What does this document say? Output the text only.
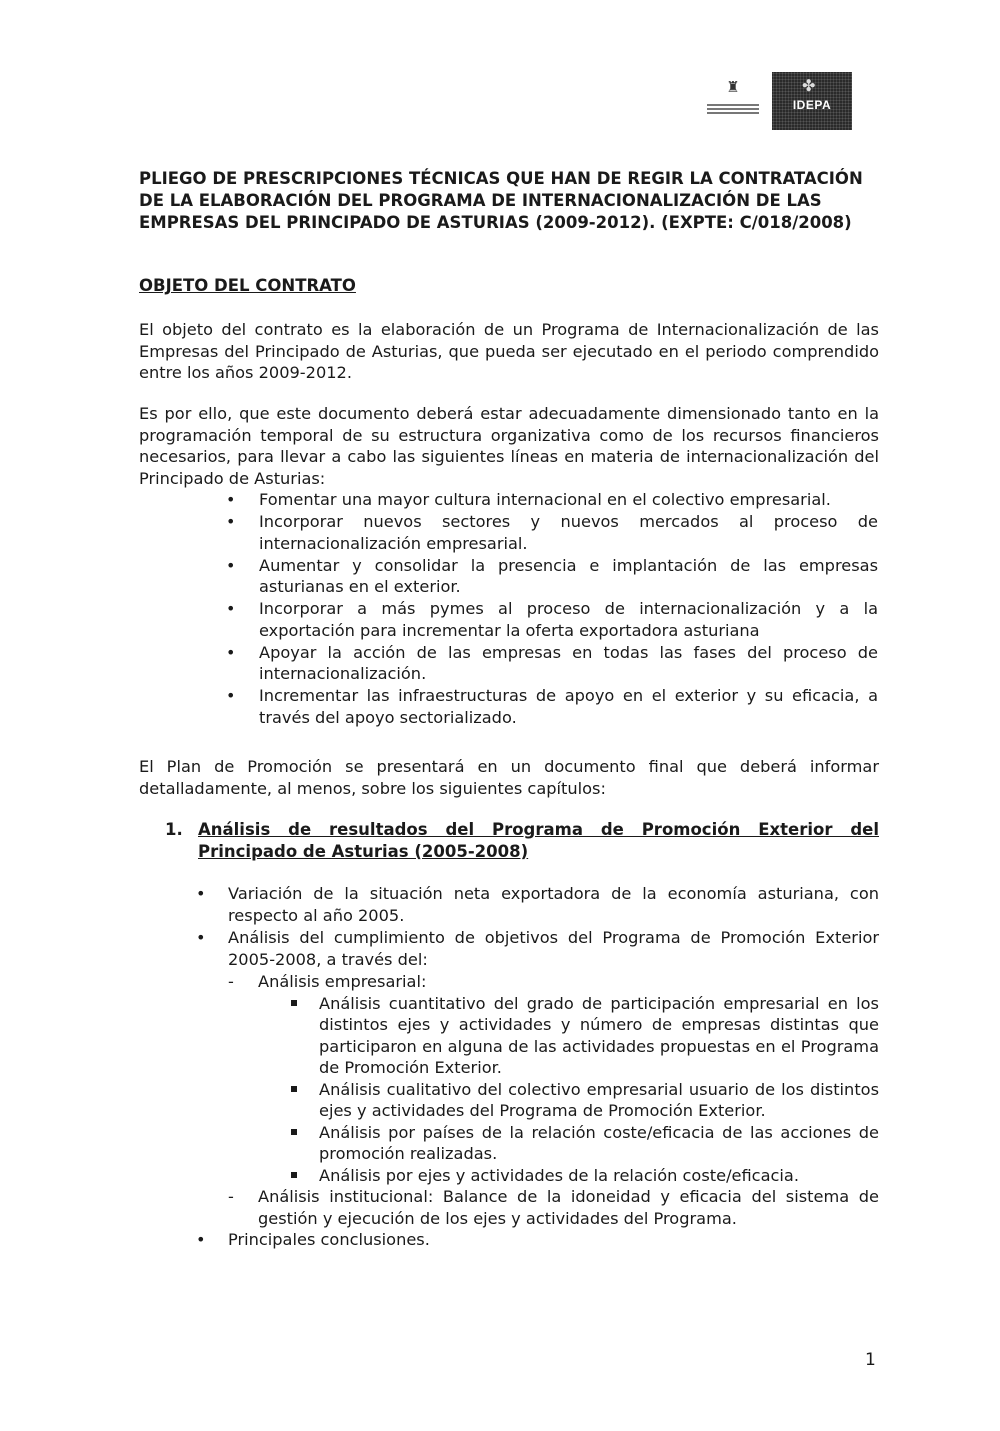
♜	✤
IDEPA
PLIEGO DE PRESCRIPCIONES TÉCNICAS QUE HAN DE REGIR LA CONTRATACIÓN DE LA ELABORACIÓN DEL PROGRAMA DE INTERNACIONALIZACIÓN DE LAS EMPRESAS DEL PRINCIPADO DE ASTURIAS (2009-2012). (EXPTE: C/018/2008)
OBJETO DEL CONTRATO

El objeto del contrato es la elaboración de un Programa de Internacionalización de las Empresas del Principado de Asturias, que pueda ser ejecutado en el periodo comprendido entre los años 2009-2012.

Es por ello, que este documento deberá estar adecuadamente dimensionado tanto en la programación temporal de su estructura organizativa como de los recursos financieros necesarios, para llevar a cabo las siguientes líneas en materia de internacionalización del Principado de Asturias:

• Fomentar una mayor cultura internacional en el colectivo empresarial.
• Incorporar nuevos sectores y nuevos mercados al proceso de internacionalización empresarial.
• Aumentar y consolidar la presencia e implantación de las empresas asturianas en el exterior.
• Incorporar a más pymes al proceso de internacionalización y a la exportación para incrementar la oferta exportadora asturiana
• Apoyar la acción de las empresas en todas las fases del proceso de internacionalización.
• Incrementar las infraestructuras de apoyo en el exterior y su eficacia, a través del apoyo sectorializado.

El Plan de Promoción se presentará en un documento final que deberá informar detalladamente, al menos, sobre los siguientes capítulos:

1. Análisis de resultados del Programa de Promoción Exterior del Principado de Asturias (2005-2008)
• Variación de la situación neta exportadora de la economía asturiana, con respecto al año 2005.
• Análisis del cumplimiento de objetivos del Programa de Promoción Exterior 2005-2008, a través del:
- Análisis empresarial:
Análisis cuantitativo del grado de participación empresarial en los distintos ejes y actividades y número de empresas distintas que participaron en alguna de las actividades propuestas en el Programa de Promoción Exterior.
Análisis cualitativo del colectivo empresarial usuario de los distintos ejes y actividades del Programa de Promoción Exterior.
Análisis por países de la relación coste/eficacia de las acciones de promoción realizadas.
Análisis por ejes y actividades de la relación coste/eficacia.
- Análisis institucional: Balance de la idoneidad y eficacia del sistema de gestión y ejecución de los ejes y actividades del Programa.
• Principales conclusiones.
1
